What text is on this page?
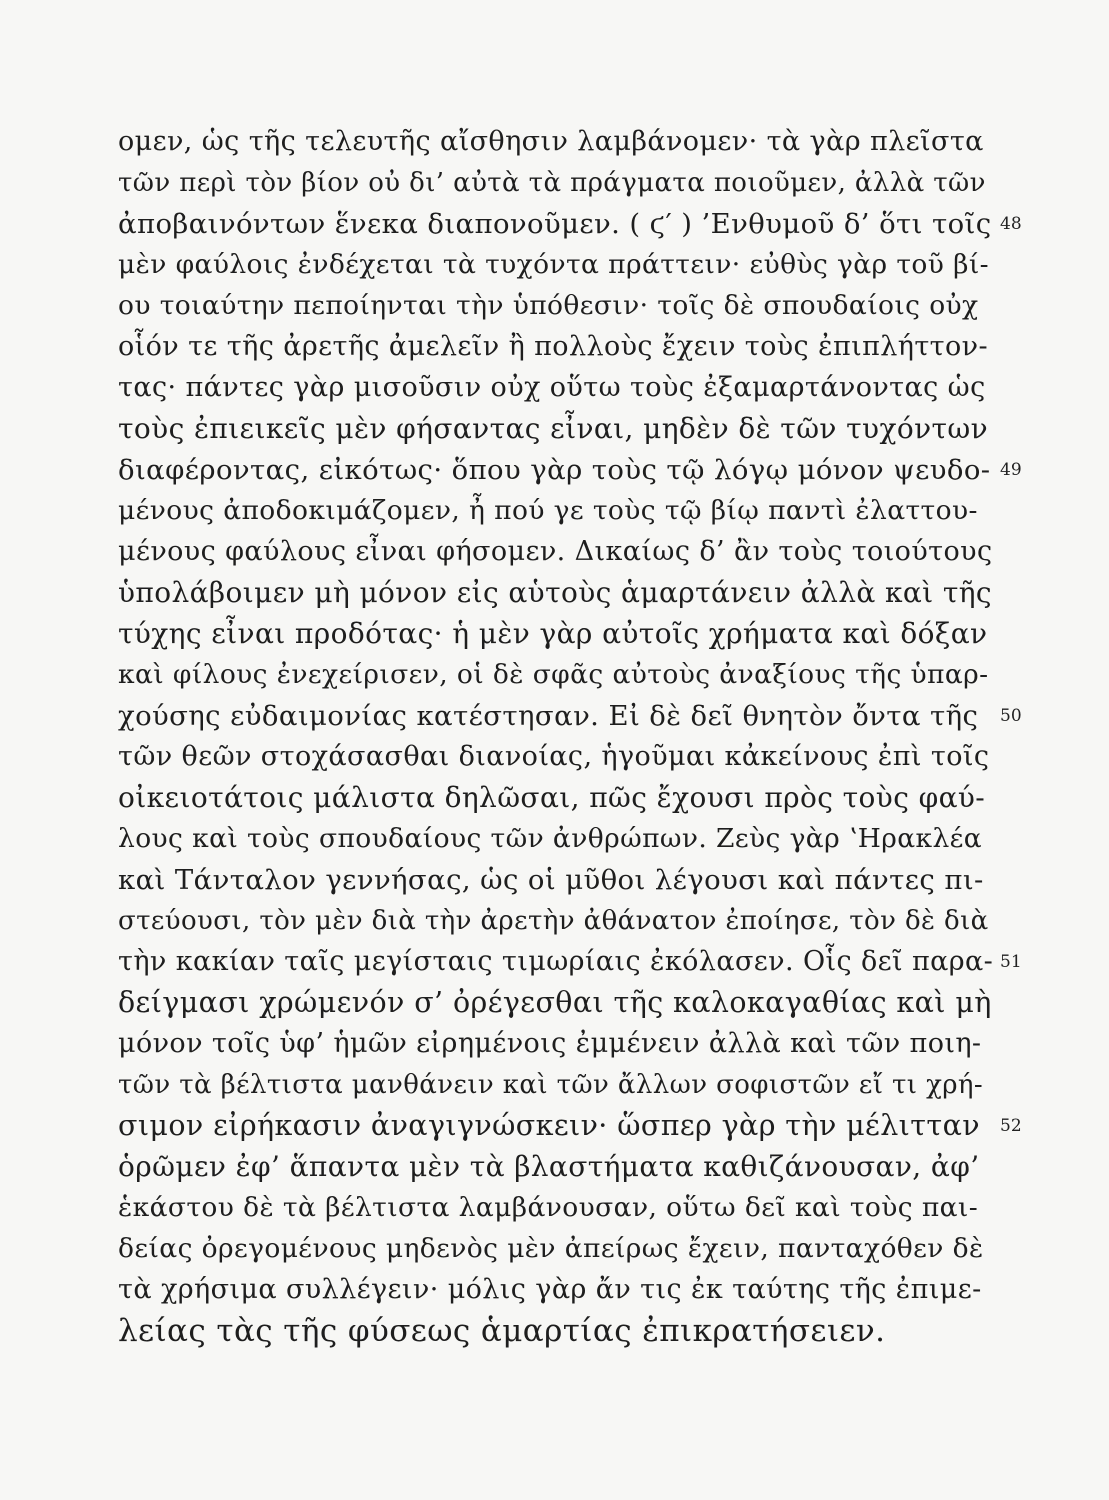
ομεν, ὡς τῆς τελευτῆς αἴσθησιν λαμβάνομεν· τὰ γὰρ πλεῖστα
τῶν περὶ τὸν βίον οὐ δι’ αὐτὰ τὰ πράγματα ποιοῦμεν, ἀλλὰ τῶν
ἀποβαινόντων ἕνεκα διαπονοῦμεν. ( ϛ′ ) ’Ενθυμοῦ δ’ ὅτι τοῖς
μὲν φαύλοις ἐνδέχεται τὰ τυχόντα πράττειν· εὐθὺς γὰρ τοῦ βί-
ου τοιαύτην πεποίηνται τὴν ὑπόθεσιν· τοῖς δὲ σπουδαίοις οὐχ
οἷόν τε τῆς ἀρετῆς ἀμελεῖν ἢ πολλοὺς ἔχειν τοὺς ἐπιπλήττον-
τας· πάντες γὰρ μισοῦσιν οὐχ οὕτω τοὺς ἐξαμαρτάνοντας ὡς
τοὺς ἐπιεικεῖς μὲν φήσαντας εἶναι, μηδὲν δὲ τῶν τυχόντων
διαφέροντας, εἰκότως· ὅπου γὰρ τοὺς τῷ λόγῳ μόνον ψευδο-
μένους ἀποδοκιμάζομεν, ἦ πού γε τοὺς τῷ βίῳ παντὶ ἐλαττου-
μένους φαύλους εἶναι φήσομεν. Δικαίως δ’ ἂν τοὺς τοιούτους
ὑπολάβοιμεν μὴ μόνον εἰς αὑτοὺς ἁμαρτάνειν ἀλλὰ καὶ τῆς
τύχης εἶναι προδότας· ἡ μὲν γὰρ αὐτοῖς χρήματα καὶ δόξαν
καὶ φίλους ἐνεχείρισεν, οἱ δὲ σφᾶς αὐτοὺς ἀναξίους τῆς ὑπαρ-
χούσης εὐδαιμονίας κατέστησαν. Εἰ δὲ δεῖ θνητὸν ὄντα τῆς
τῶν θεῶν στοχάσασθαι διανοίας, ἡγοῦμαι κἀκείνους ἐπὶ τοῖς
οἰκειοτάτοις μάλιστα δηλῶσαι, πῶς ἔχουσι πρὸς τοὺς φαύ-
λους καὶ τοὺς σπουδαίους τῶν ἀνθρώπων. Ζεὺς γὰρ ʽΗρακλέα
καὶ Τάνταλον γεννήσας, ὡς οἱ μῦθοι λέγουσι καὶ πάντες πι-
στεύουσι, τὸν μὲν διὰ τὴν ἀρετὴν ἀθάνατον ἐποίησε, τὸν δὲ διὰ
τὴν κακίαν ταῖς μεγίσταις τιμωρίαις ἐκόλασεν. Οἷς δεῖ παρα-
δείγμασι χρώμενόν σ’ ὀρέγεσθαι τῆς καλοκαγαθίας καὶ μὴ
μόνον τοῖς ὑφ’ ἡμῶν εἰρημένοις ἐμμένειν ἀλλὰ καὶ τῶν ποιη-
τῶν τὰ βέλτιστα μανθάνειν καὶ τῶν ἄλλων σοφιστῶν εἴ τι χρή-
σιμον εἰρήκασιν ἀναγιγνώσκειν· ὥσπερ γὰρ τὴν μέλιτταν
ὁρῶμεν ἐφ’ ἅπαντα μὲν τὰ βλαστήματα καθιζάνουσαν, ἀφ’
ἑκάστου δὲ τὰ βέλτιστα λαμβάνουσαν, οὕτω δεῖ καὶ τοὺς παι-
δείας ὀρεγομένους μηδενὸς μὲν ἀπείρως ἔχειν, πανταχόθεν δὲ
τὰ χρήσιμα συλλέγειν· μόλις γὰρ ἄν τις ἐκ ταύτης τῆς ἐπιμε-
λείας τὰς τῆς φύσεως ἁμαρτίας ἐπικρατήσειεν.
48
49
50
51
52
